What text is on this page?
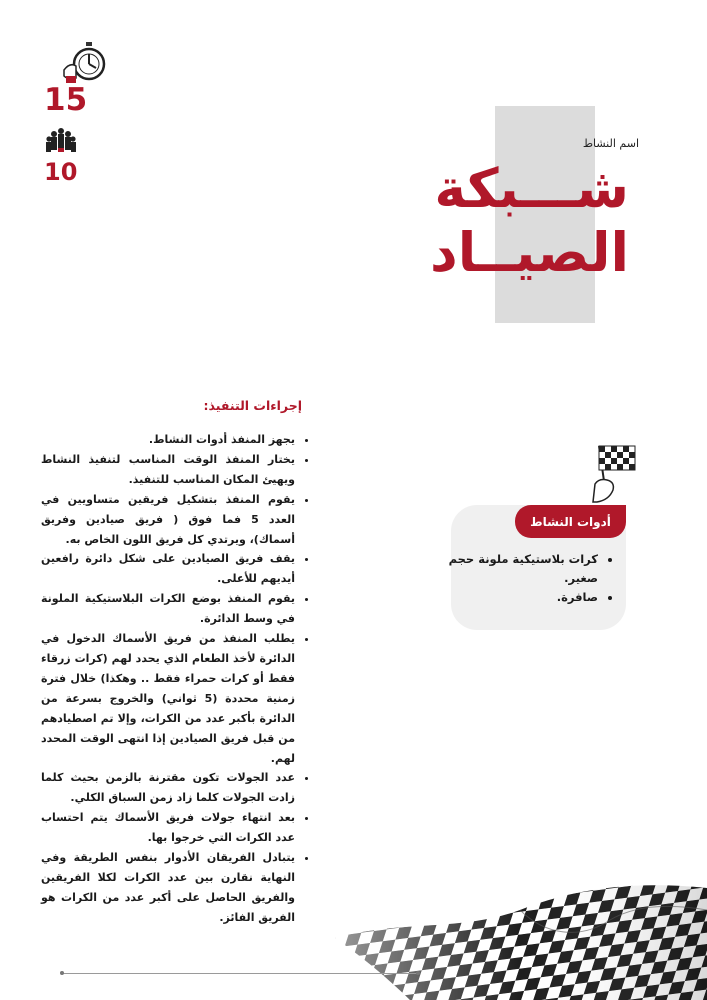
15
10
اسم النشاط
شـــبكة
الصيــاد
أدوات النشاط
• كرات بلاستيكية ملونة حجم صغير.
• صافرة.
إجراءات التنفيذ:
• يجهز المنفذ أدوات النشاط.
• يختار المنفذ الوقت المناسب لتنفيذ النشاط ويهيئ المكان المناسب للتنفيذ.
• يقوم المنفذ بتشكيل فريقين متساويين في العدد 5 فما فوق ( فريق صيادين وفريق أسماك)، ويرتدي كل فريق اللون الخاص به.
• يقف فريق الصيادين على شكل دائرة رافعين أيديهم للأعلى.
• يقوم المنفذ بوضع الكرات البلاستيكية الملونة في وسط الدائرة.
• يطلب المنفذ من فريق الأسماك الدخول في الدائرة لأخذ الطعام الذي يحدد لهم (كرات زرقاء فقط أو كرات حمراء فقط .. وهكذا) خلال فترة زمنية محددة (5 ثواني) والخروج بسرعة من الدائرة بأكبر عدد من الكرات، وإلا تم اصطيادهم من قبل فريق الصيادين إذا انتهى الوقت المحدد لهم.
• عدد الجولات تكون مقترنة بالزمن بحيث كلما زادت الجولات كلما زاد زمن السباق الكلي.
• بعد انتهاء جولات فريق الأسماك يتم احتساب عدد الكرات التي خرجوا بها.
• يتبادل الفريقان الأدوار بنفس الطريقة وفي النهاية نقارن بين عدد الكرات لكلا الفريقين والفريق الحاصل على أكبر عدد من الكرات هو الفريق الفائز.
